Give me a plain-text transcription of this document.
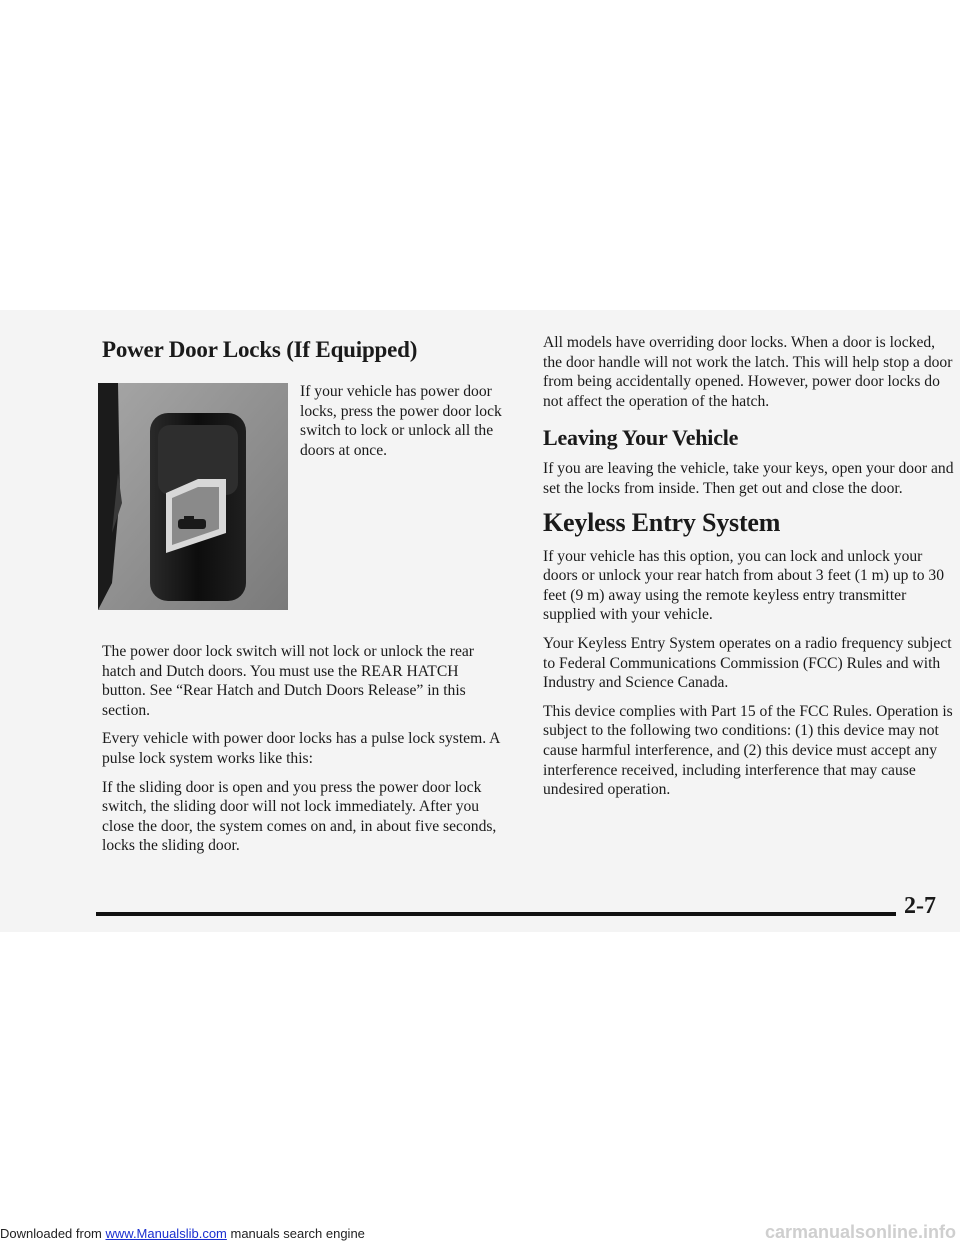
Power Door Locks (If Equipped)

If your vehicle has power door locks, press the power door lock switch to lock or unlock all the doors at once.

The power door lock switch will not lock or unlock the rear hatch and Dutch doors. You must use the REAR HATCH button. See “Rear Hatch and Dutch Doors Release” in this section.

Every vehicle with power door locks has a pulse lock system. A pulse lock system works like this:

If the sliding door is open and you press the power door lock switch, the sliding door will not lock immediately. After you close the door, the system comes on and, in about five seconds, locks the sliding door.

All models have overriding door locks. When a door is locked, the door handle will not work the latch. This will help stop a door from being accidentally opened. However, power door locks do not affect the operation of the hatch.

Leaving Your Vehicle

If you are leaving the vehicle, take your keys, open your door and set the locks from inside. Then get out and close the door.

Keyless Entry System

If your vehicle has this option, you can lock and unlock your doors or unlock your rear hatch from about 3 feet (1 m) up to 30 feet (9 m) away using the remote keyless entry transmitter supplied with your vehicle.

Your Keyless Entry System operates on a radio frequency subject to Federal Communications Commission (FCC) Rules and with Industry and Science Canada.

This device complies with Part 15 of the FCC Rules. Operation is subject to the following two conditions: (1) this device may not cause harmful interference, and (2) this device must accept any interference received, including interference that may cause undesired operation.

2-7
Downloaded from www.Manualslib.com manuals search engine	carmanualsonline.info
